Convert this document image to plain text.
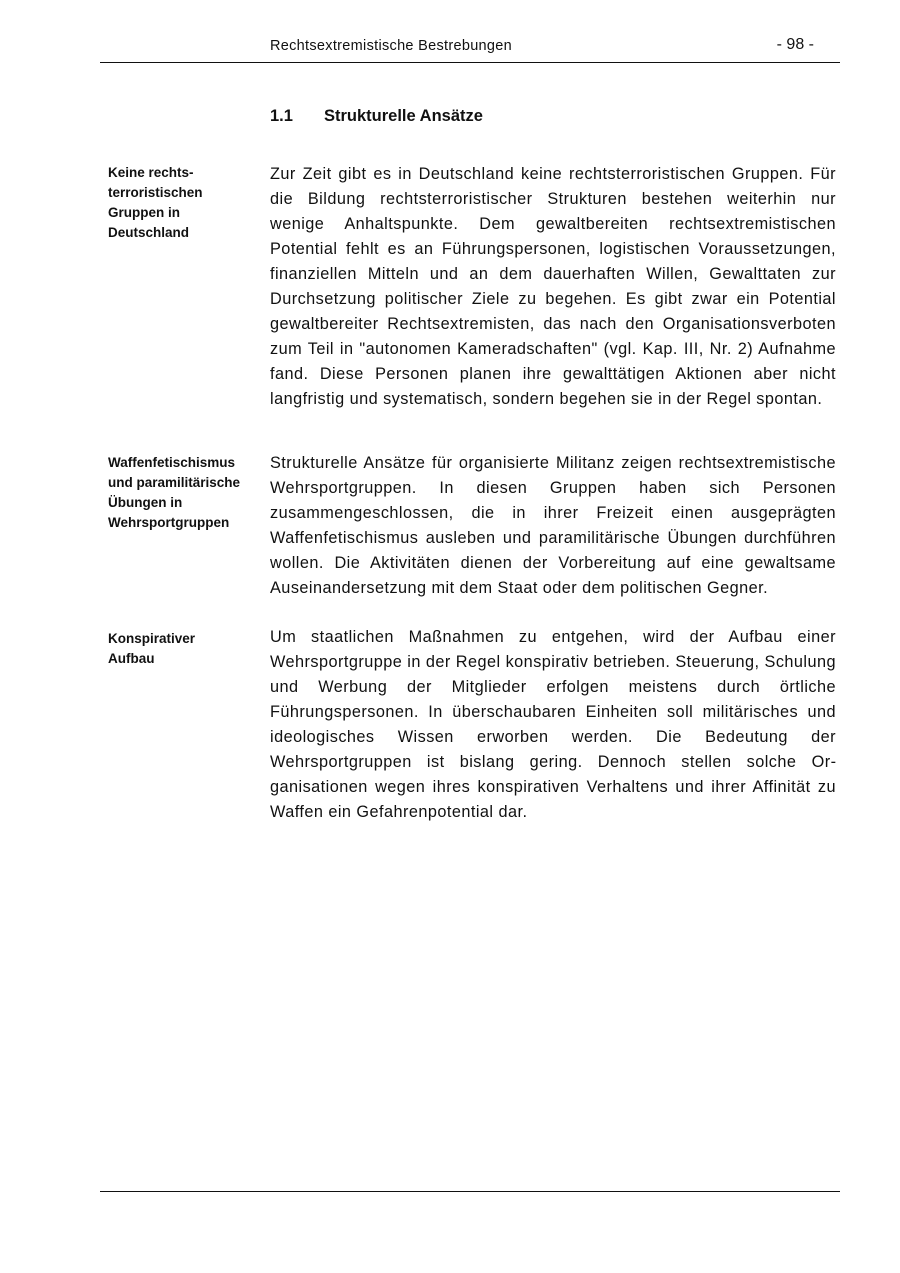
Rechtsextremistische Bestrebungen	- 98 -
1.1 Strukturelle Ansätze
Keine rechts-
terroristischen
Gruppen in
Deutschland
Zur Zeit gibt es in Deutschland keine rechtsterroristischen Gruppen. Für die Bildung rechtsterroristischer Strukturen bestehen weiterhin nur wenige Anhaltspunkte. Dem gewaltbereiten rechtsextremistischen Potential fehlt es an Führungspersonen, logistischen Voraussetzungen, finanziellen Mitteln und an dem dauerhaften Willen, Gewalttaten zur Durchsetzung politischer Ziele zu begehen. Es gibt zwar ein Potential gewaltbereiter Rechtsextremisten, das nach den Organisationsverboten zum Teil in "autonomen Kameradschaften" (vgl. Kap. III, Nr. 2) Aufnahme fand. Diese Personen planen ihre gewalttätigen Aktionen aber nicht langfristig und systematisch, sondern begehen sie in der Regel spontan.
Waffenfetischismus
und paramilitärische
Übungen in
Wehrsportgruppen
Strukturelle Ansätze für organisierte Militanz zeigen rechtsextremistische Wehrsportgruppen. In diesen Gruppen haben sich Personen zusammengeschlossen, die in ihrer Freizeit einen ausgeprägten Waffenfetischismus ausleben und paramilitärische Übungen durchführen wollen. Die Aktivitäten dienen der Vorbereitung auf eine gewaltsame Auseinandersetzung mit dem Staat oder dem politischen Gegner.
Konspirativer
Aufbau
Um staatlichen Maßnahmen zu entgehen, wird der Aufbau einer Wehrsportgruppe in der Regel konspirativ betrieben. Steuerung, Schulung und Werbung der Mitglieder erfolgen meistens durch örtliche Führungspersonen. In überschaubaren Einheiten soll militärisches und ideologisches Wissen erworben werden. Die Bedeutung der Wehrsportgruppen ist bislang gering. Dennoch stellen solche Organisationen wegen ihres konspirativen Verhaltens und ihrer Affinität zu Waffen ein Gefahrenpotential dar.
